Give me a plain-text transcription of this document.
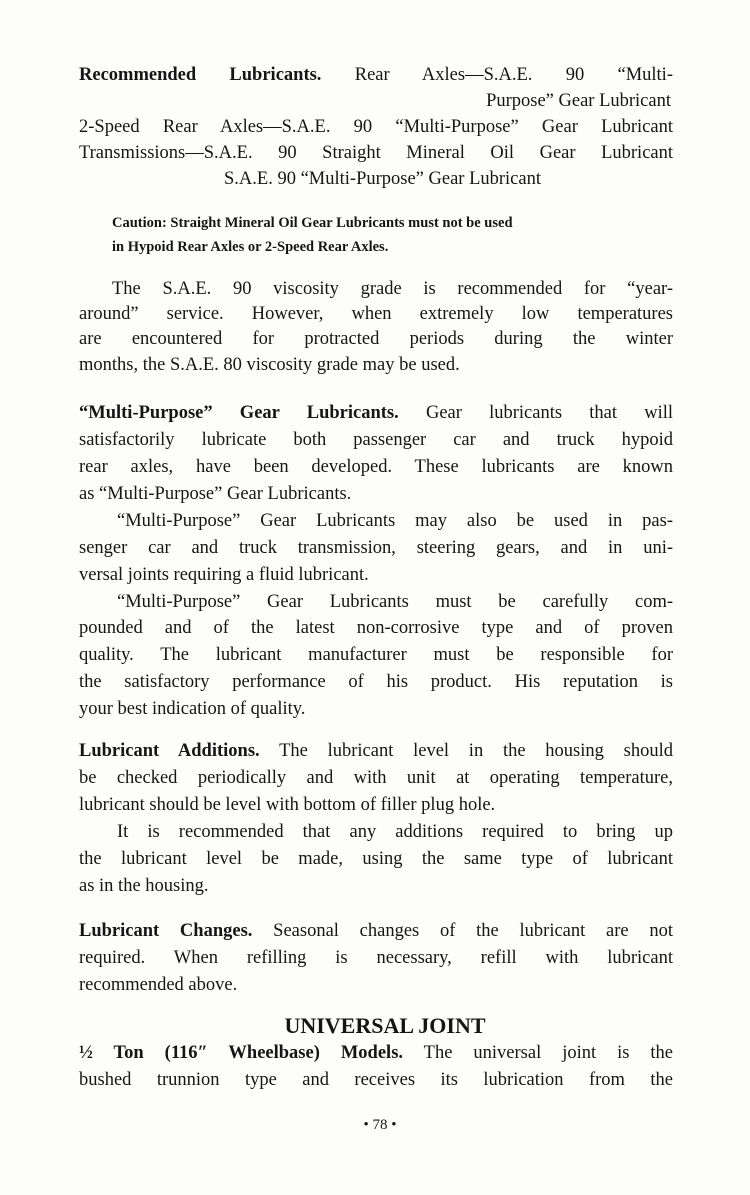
Recommended Lubricants. Rear Axles—S.A.E. 90 “Multi-
Purpose” Gear Lubricant
2-Speed Rear Axles—S.A.E. 90 “Multi-Purpose” Gear Lubricant
Transmissions—S.A.E. 90 Straight Mineral Oil Gear Lubricant
S.A.E. 90 “Multi-Purpose” Gear Lubricant
Caution: Straight Mineral Oil Gear Lubricants must not be used
in Hypoid Rear Axles or 2-Speed Rear Axles.
The S.A.E. 90 viscosity grade is recommended for “year-
around” service. However, when extremely low temperatures
are encountered for protracted periods during the winter
months, the S.A.E. 80 viscosity grade may be used.
“Multi-Purpose” Gear Lubricants. Gear lubricants that will
satisfactorily lubricate both passenger car and truck hypoid
rear axles, have been developed. These lubricants are known
as “Multi-Purpose” Gear Lubricants.
“Multi-Purpose” Gear Lubricants may also be used in pas-
senger car and truck transmission, steering gears, and in uni-
versal joints requiring a fluid lubricant.
“Multi-Purpose” Gear Lubricants must be carefully com-
pounded and of the latest non-corrosive type and of proven
quality. The lubricant manufacturer must be responsible for
the satisfactory performance of his product. His reputation is
your best indication of quality.
Lubricant Additions. The lubricant level in the housing should
be checked periodically and with unit at operating temperature,
lubricant should be level with bottom of filler plug hole.
It is recommended that any additions required to bring up
the lubricant level be made, using the same type of lubricant
as in the housing.
Lubricant Changes. Seasonal changes of the lubricant are not
required. When refilling is necessary, refill with lubricant
recommended above.
UNIVERSAL JOINT
½ Ton (116″ Wheelbase) Models. The universal joint is the
bushed trunnion type and receives its lubrication from the
• 78 •
